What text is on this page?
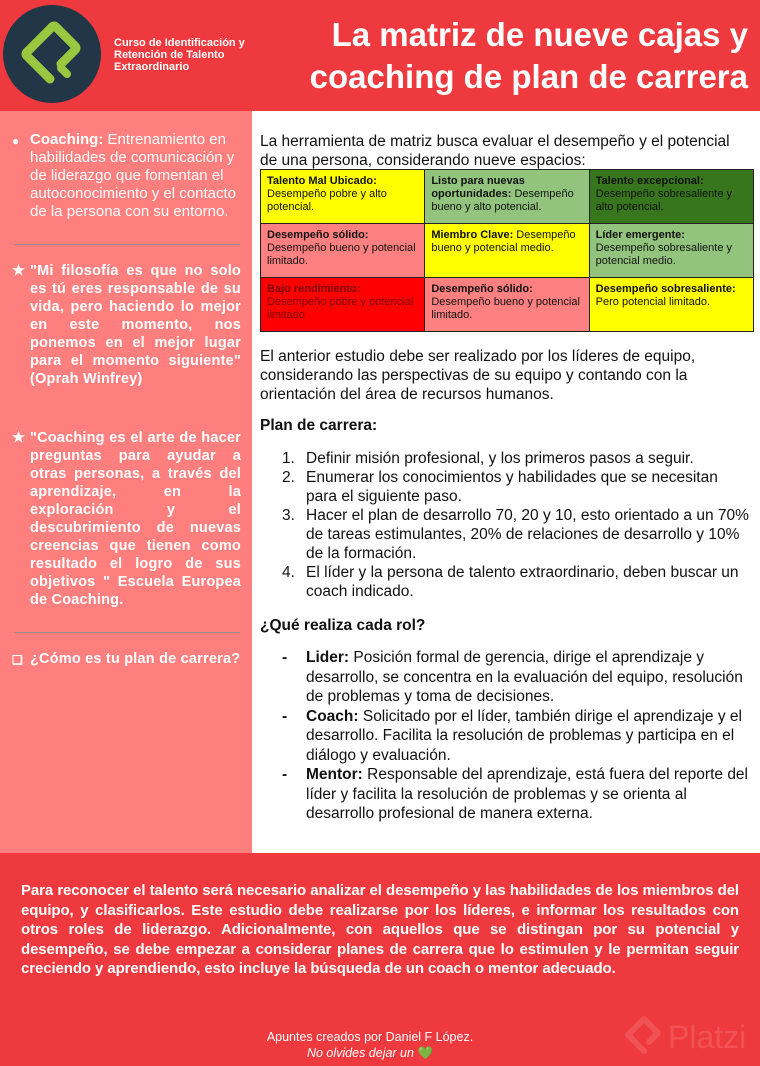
Curso de Identificación y Retención de Talento Extraordinario
La matriz de nueve cajas y
coaching de plan de carrera
● Coaching: Entrenamiento en habilidades de comunicación y de liderazgo que fomentan el autoconocimiento y el contacto de la persona con su entorno.
★ "Mi filosofía es que no solo es tú eres responsable de su vida, pero haciendo lo mejor en este momento, nos ponemos en el mejor lugar para el momento siguiente" (Oprah Winfrey)
★ "Coaching es el arte de hacer preguntas para ayudar a otras personas, a través del aprendizaje, en la exploración y el descubrimiento de nuevas creencias que tienen como resultado el logro de sus objetivos " Escuela Europea de Coaching.
❑ ¿Cómo es tu plan de carrera?
La herramienta de matriz busca evaluar el desempeño y el potencial de una persona, considerando nueve espacios:
Talento Mal Ubicado: Desempeño pobre y alto potencial.	Listo para nuevas oportunidades: Desempeño bueno y alto potencial.	Talento excepcional: Desempeño sobresaliente y alto potencial.
Desempeño sólido: Desempeño bueno y potencial limitado.	Miembro Clave: Desempeño bueno y potencial medio.	Líder emergente: Desempeño sobresaliente y potencial medio.
Bajo rendimiento: Desempeño pobre y potencial limitado	Desempeño sólido: Desempeño bueno y potencial limitado.	Desempeño sobresaliente: Pero potencial limitado.
El anterior estudio debe ser realizado por los líderes de equipo, considerando las perspectivas de su equipo y contando con la orientación del área de recursos humanos.
Plan de carrera:
1. Definir misión profesional, y los primeros pasos a seguir.
2. Enumerar los conocimientos y habilidades que se necesitan para el siguiente paso.
3. Hacer el plan de desarrollo 70, 20 y 10, esto orientado a un 70% de tareas estimulantes, 20% de relaciones de desarrollo y 10% de la formación.
4. El líder y la persona de talento extraordinario, deben buscar un coach indicado.
¿Qué realiza cada rol?
- Lider: Posición formal de gerencia, dirige el aprendizaje y desarrollo, se concentra en la evaluación del equipo, resolución de problemas y toma de decisiones.
- Coach: Solicitado por el líder, también dirige el aprendizaje y el desarrollo. Facilita la resolución de problemas y participa en el diálogo y evaluación.
- Mentor: Responsable del aprendizaje, está fuera del reporte del líder y facilita la resolución de problemas y se orienta al desarrollo profesional de manera externa.
Para reconocer el talento será necesario analizar el desempeño y las habilidades de los miembros del equipo, y clasificarlos. Este estudio debe realizarse por los líderes, e informar los resultados con otros roles de liderazgo. Adicionalmente, con aquellos que se distingan por su potencial y desempeño, se debe empezar a considerar planes de carrera que lo estimulen y le permitan seguir creciendo y aprendiendo, esto incluye la búsqueda de un coach o mentor adecuado.
Apuntes creados por Daniel F López.
No olvides dejar un 💚	Platzi
